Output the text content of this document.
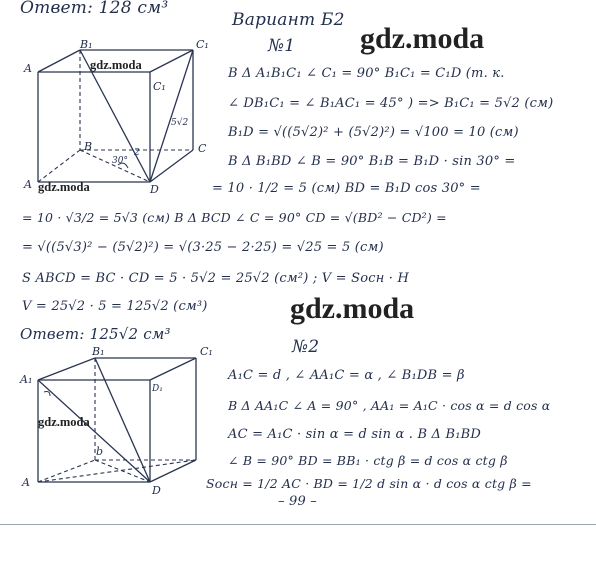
B₁	C₁
A
C₁
A
B	C
30°
2
D
5√2
B₁	C₁
A₁
b
A
D
D₁
Ответ: 128 см³
Вариант Б2
№1
B Δ A₁B₁C₁ ∠ C₁ = 90° B₁C₁ = C₁D (т. к.
∠ DB₁C₁ = ∠ B₁AC₁ = 45° ) => B₁C₁ = 5√2 (см)
B₁D = √((5√2)² + (5√2)²) = √100 = 10 (см)
B Δ B₁BD ∠ B = 90° B₁B = B₁D · sin 30° =
= 10 · 1/2 = 5 (см) BD = B₁D cos 30° =
= 10 · √3/2 = 5√3 (см) B Δ BCD ∠ C = 90° CD = √(BD² − CD²) =
= √((5√3)² − (5√2)²) = √(3·25 − 2·25) = √25 = 5 (см)
S ABCD = BC · CD = 5 · 5√2 = 25√2 (см²) ; V = Sосн · H
V = 25√2 · 5 = 125√2 (см³)
Ответ: 125√2 см³
№2
A₁C = d , ∠ AA₁C = α , ∠ B₁DB = β
B Δ AA₁C ∠ A = 90° , AA₁ = A₁C · cos α = d cos α
AC = A₁C · sin α = d sin α . B Δ B₁BD
∠ B = 90° BD = BB₁ · ctg β = d cos α ctg β
Sосн = 1/2 AC · BD = 1/2 d sin α · d cos α ctg β =
– 99 –
gdz.moda
gdz.moda
gdz.moda
gdz.moda
gdz.moda
